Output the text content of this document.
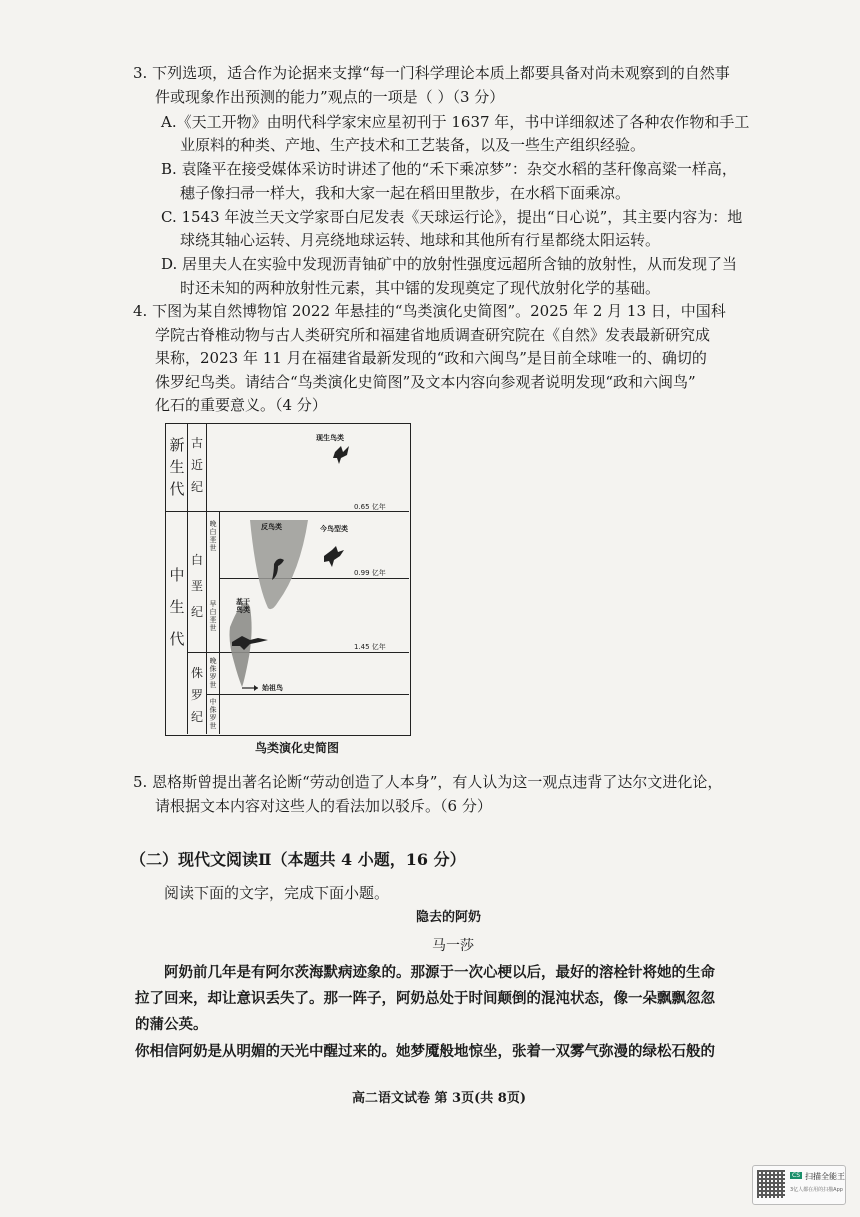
3. 下列选项，适合作为论据来支撑“每一门科学理论本质上都要具备对尚未观察到的自然事
件或现象作出预测的能力”观点的一项是（ ）（3 分）
A.《天工开物》由明代科学家宋应星初刊于 1637 年，书中详细叙述了各种农作物和手工
业原料的种类、产地、生产技术和工艺装备，以及一些生产组织经验。
B. 袁隆平在接受媒体采访时讲述了他的“禾下乘凉梦”：杂交水稻的茎秆像高粱一样高，
穗子像扫帚一样大，我和大家一起在稻田里散步，在水稻下面乘凉。
C. 1543 年波兰天文学家哥白尼发表《天球运行论》，提出“日心说”，其主要内容为：地
球绕其轴心运转、月亮绕地球运转、地球和其他所有行星都绕太阳运转。
D. 居里夫人在实验中发现沥青铀矿中的放射性强度远超所含铀的放射性，从而发现了当
时还未知的两种放射性元素，其中镭的发现奠定了现代放射化学的基础。
4. 下图为某自然博物馆 2022 年悬挂的“鸟类演化史简图”。2025 年 2 月 13 日，中国科
学院古脊椎动物与古人类研究所和福建省地质调查研究院在《自然》发表最新研究成
果称，2023 年 11 月在福建省最新发现的“政和六闽鸟”是目前全球唯一的、确切的
侏罗纪鸟类。请结合“鸟类演化史简图”及文本内容向参观者说明发现“政和六闽鸟”
化石的重要意义。（4 分）
新
生
代
中
生
代
古
近
纪
白
垩
纪
侏
罗
纪
晚
白
垩
世
早
白
垩
世
晚
侏
罗
世
中
侏
罗
世
现生鸟类
反鸟类	今鸟型类
基干鸟类
始祖鸟
0.65 亿年
0.99 亿年
1.45 亿年
鸟类演化史简图
5. 恩格斯曾提出著名论断“劳动创造了人本身”，有人认为这一观点违背了达尔文进化论，
请根据文本内容对这些人的看法加以驳斥。（6 分）
（二）现代文阅读Ⅱ（本题共 4 小题，16 分）
阅读下面的文字，完成下面小题。
隐去的阿奶
马一莎
阿奶前几年是有阿尔茨海默病迹象的。那源于一次心梗以后，最好的溶栓针将她的生命
拉了回来，却让意识丢失了。那一阵子，阿奶总处于时间颠倒的混沌状态，像一朵飘飘忽忽
的蒲公英。
你相信阿奶是从明媚的天光中醒过来的。她梦魇般地惊坐，张着一双雾气弥漫的绿松石般的
高二语文试卷 第 3页(共 8页)
CS 扫描全能王
3亿人都在用的扫描App
